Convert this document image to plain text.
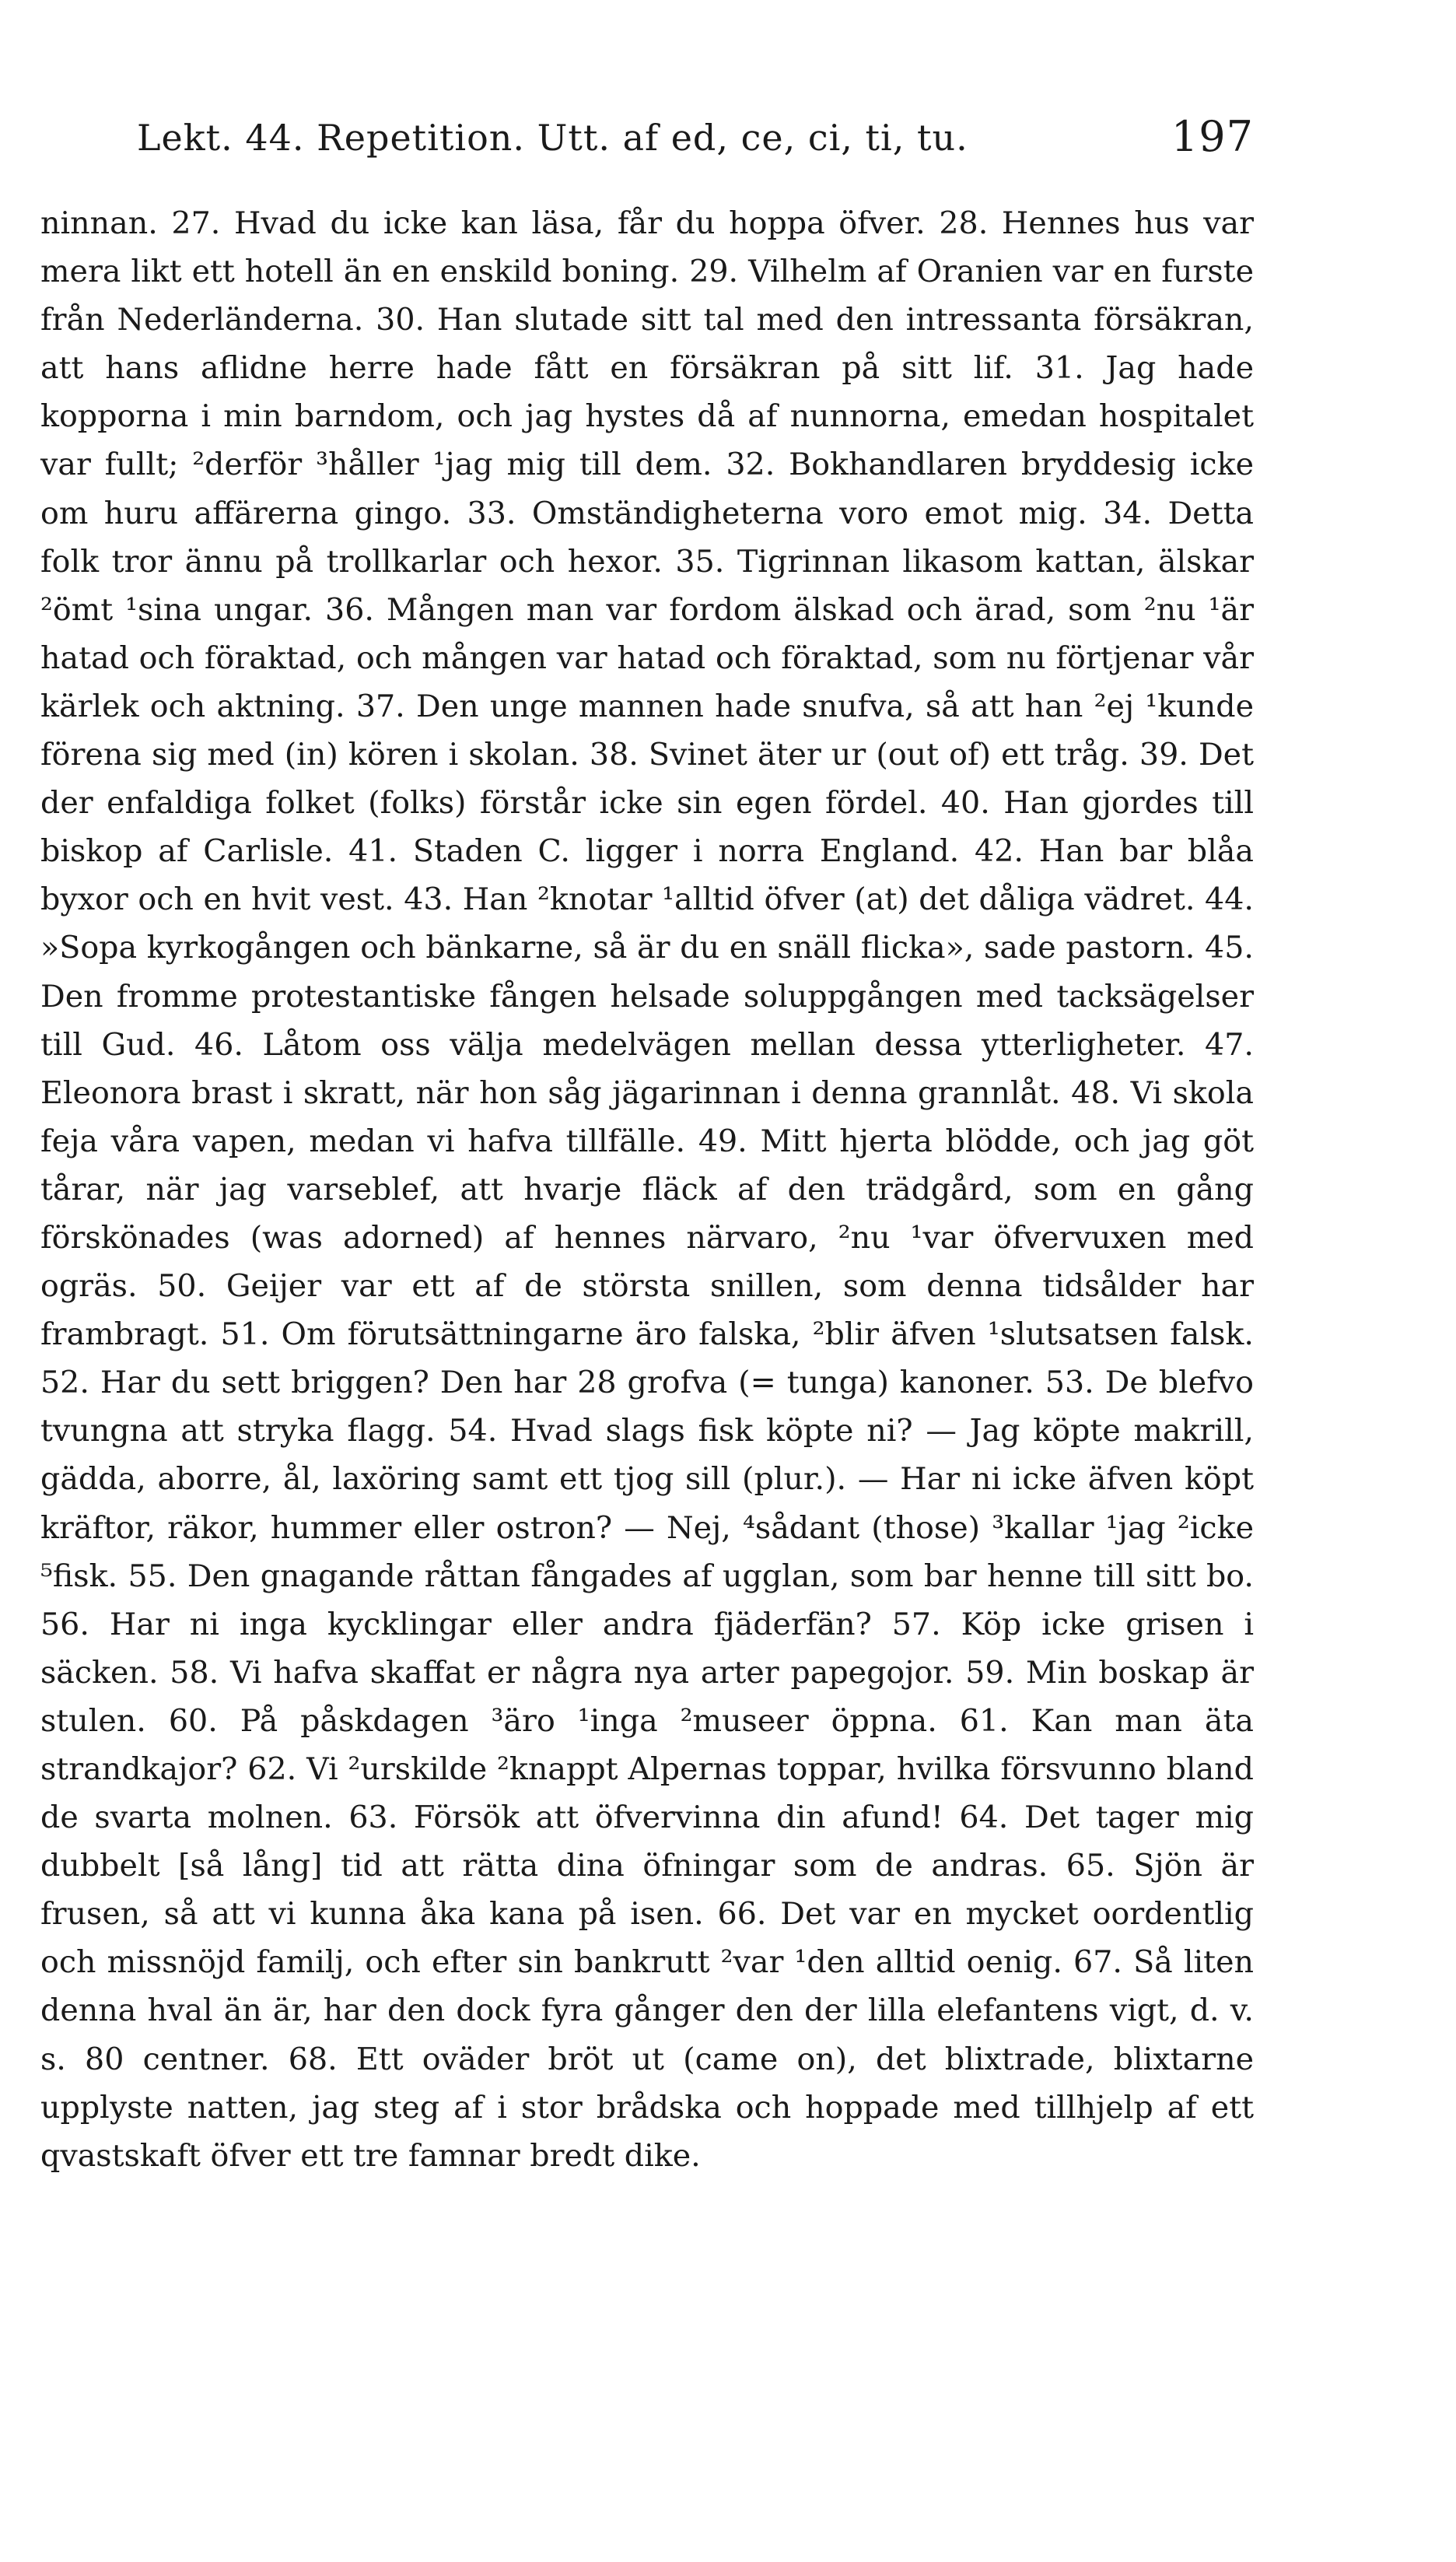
Lekt. 44. Repetition. Utt. af ed, ce, ci, ti, tu.	197
ninnan. 27. Hvad du icke kan läsa, får du hoppa öfver. 28. Hennes hus var mera likt ett hotell än en enskild boning. 29. Vilhelm af Oranien var en furste från Nederländerna. 30. Han slutade sitt tal med den intressanta försäkran, att hans aflidne herre hade fått en försäkran på sitt lif. 31. Jag hade kopporna i min barndom, och jag hystes då af nunnorna, emedan hospitalet var fullt; ²derför ³håller ¹jag mig till dem. 32. Bokhandlaren bryddesig icke om huru affärerna gingo. 33. Omständigheterna voro emot mig. 34. Detta folk tror ännu på trollkarlar och hexor. 35. Tigrinnan likasom kattan, älskar ²ömt ¹sina ungar. 36. Mången man var fordom älskad och ärad, som ²nu ¹är hatad och föraktad, och mången var hatad och föraktad, som nu förtjenar vår kärlek och aktning. 37. Den unge mannen hade snufva, så att han ²ej ¹kunde förena sig med (in) kören i skolan. 38. Svinet äter ur (out of) ett tråg. 39. Det der enfaldiga folket (folks) förstår icke sin egen fördel. 40. Han gjordes till biskop af Carlisle. 41. Staden C. ligger i norra England. 42. Han bar blåa byxor och en hvit vest. 43. Han ²knotar ¹alltid öfver (at) det dåliga vädret. 44. »Sopa kyrkogången och bänkarne, så är du en snäll flicka», sade pastorn. 45. Den fromme protestantiske fången helsade soluppgången med tacksägelser till Gud. 46. Låtom oss välja medelvägen mellan dessa ytterligheter. 47. Eleonora brast i skratt, när hon såg jägarinnan i denna grannlåt. 48. Vi skola feja våra vapen, medan vi hafva tillfälle. 49. Mitt hjerta blödde, och jag göt tårar, när jag varseblef, att hvarje fläck af den trädgård, som en gång förskönades (was adorned) af hennes närvaro, ²nu ¹var öfvervuxen med ogräs. 50. Geijer var ett af de största snillen, som denna tidsålder har frambragt. 51. Om förutsättningarne äro falska, ²blir äfven ¹slutsatsen falsk. 52. Har du sett briggen? Den har 28 grofva (= tunga) kanoner. 53. De blefvo tvungna att stryka flagg. 54. Hvad slags fisk köpte ni? — Jag köpte makrill, gädda, aborre, ål, laxöring samt ett tjog sill (plur.). — Har ni icke äfven köpt kräftor, räkor, hummer eller ostron? — Nej, ⁴sådant (those) ³kallar ¹jag ²icke ⁵fisk. 55. Den gnagande råttan fångades af ugglan, som bar henne till sitt bo. 56. Har ni inga kycklingar eller andra fjäderfän? 57. Köp icke grisen i säcken. 58. Vi hafva skaffat er några nya arter papegojor. 59. Min boskap är stulen. 60. På påskdagen ³äro ¹inga ²museer öppna. 61. Kan man äta strandkajor? 62. Vi ²urskilde ²knappt Alpernas toppar, hvilka försvunno bland de svarta molnen. 63. Försök att öfvervinna din afund! 64. Det tager mig dubbelt [så lång] tid att rätta dina öfningar som de andras. 65. Sjön är frusen, så att vi kunna åka kana på isen. 66. Det var en mycket oordentlig och missnöjd familj, och efter sin bankrutt ²var ¹den alltid oenig. 67. Så liten denna hval än är, har den dock fyra gånger den der lilla elefantens vigt, d. v. s. 80 centner. 68. Ett oväder bröt ut (came on), det blixtrade, blixtarne upplyste natten, jag steg af i stor brådska och hoppade med tillhjelp af ett qvastskaft öfver ett tre famnar bredt dike.
